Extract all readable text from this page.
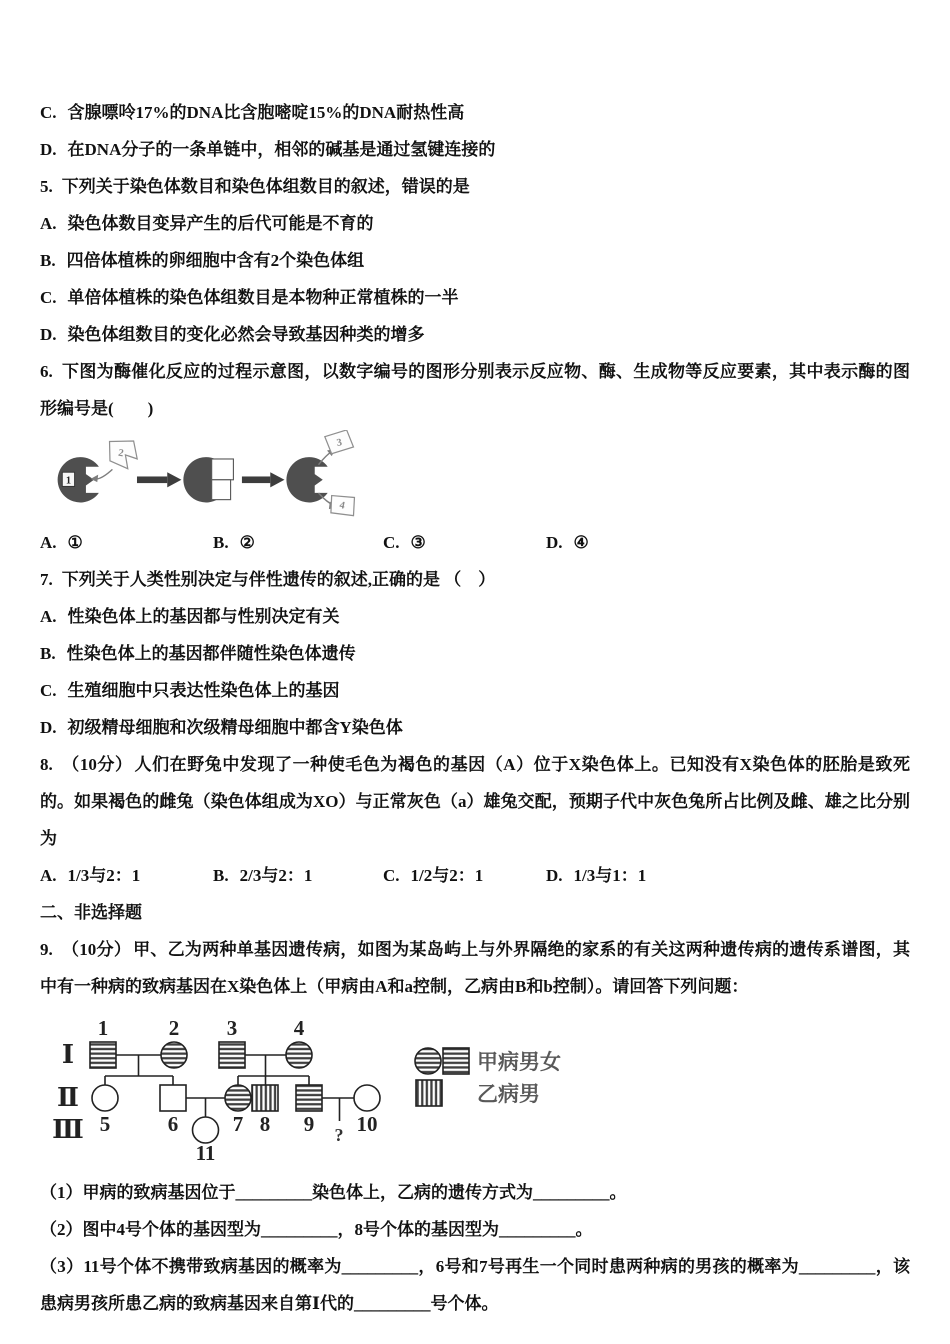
C. 含腺嘌呤17%的DNA比含胞嘧啶15%的DNA耐热性高

D. 在DNA分子的一条单链中，相邻的碱基是通过氢键连接的

5. 下列关于染色体数目和染色体组数目的叙述，错误的是

A. 染色体数目变异产生的后代可能是不育的

B. 四倍体植株的卵细胞中含有2个染色体组

C. 单倍体植株的染色体组数目是本物种正常植株的一半

D. 染色体组数目的变化必然会导致基因种类的增多

6. 下图为酶催化反应的过程示意图，以数字编号的图形分别表示反应物、酶、生成物等反应要素，其中表示酶的图形编号是(　　)

1
2
3
4
A. ①	B. ②	C. ③	D. ④

7. 下列关于人类性别决定与伴性遗传的叙述,正确的是 （　）

A. 性染色体上的基因都与性别决定有关

B. 性染色体上的基因都伴随性染色体遗传

C. 生殖细胞中只表达性染色体上的基因

D. 初级精母细胞和次级精母细胞中都含Y染色体

8. （10分） 人们在野兔中发现了一种使毛色为褐色的基因（A）位于X染色体上。已知没有X染色体的胚胎是致死的。如果褐色的雌兔（染色体组成为XO）与正常灰色（a）雄兔交配，预期子代中灰色兔所占比例及雌、雄之比分别为

A. 1/3与2：1	B. 2/3与2：1	C. 1/2与2：1	D. 1/3与1：1

二、非选择题

9. （10分） 甲、乙为两种单基因遗传病，如图为某岛屿上与外界隔绝的家系的有关这两种遗传病的遗传系谱图，其中有一种病的致病基因在X染色体上（甲病由A和a控制，乙病由B和b控制）。请回答下列问题：

Ⅰ
Ⅱ
Ⅲ
1	2 3	4
5	6	7 8 9 10
11
?
甲病男女
乙病男

（1）甲病的致病基因位于_________染色体上，乙病的遗传方式为_________。

（2）图中4号个体的基因型为_________，8号个体的基因型为_________。

（3）11号个体不携带致病基因的概率为_________，6号和7号再生一个同时患两种病的男孩的概率为_________，该患病男孩所患乙病的致病基因来自第Ⅰ代的_________号个体。
